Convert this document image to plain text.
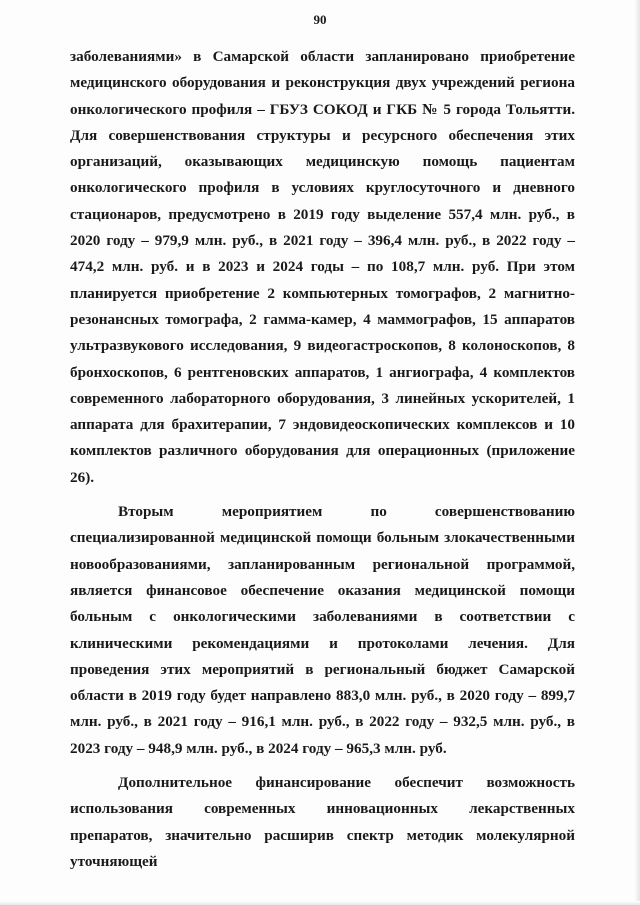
90

заболеваниями» в Самарской области запланировано приобретение медицинского оборудования и реконструкция двух учреждений региона онкологического профиля – ГБУЗ СОКОД и ГКБ № 5 города Тольятти. Для совершенствования структуры и ресурсного обеспечения этих организаций, оказывающих медицинскую помощь пациентам онкологического профиля в условиях круглосуточного и дневного стационаров, предусмотрено в 2019 году выделение 557,4 млн. руб., в 2020 году – 979,9 млн. руб., в 2021 году – 396,4 млн. руб., в 2022 году – 474,2 млн. руб. и в 2023 и 2024 годы – по 108,7 млн. руб. При этом планируется приобретение 2 компьютерных томографов, 2 магнитно-резонансных томографа, 2 гамма-камер, 4 маммографов, 15 аппаратов ультразвукового исследования, 9 видеогастроскопов, 8 колоноскопов, 8 бронхоскопов, 6 рентгеновских аппаратов, 1 ангиографа, 4 комплектов современного лабораторного оборудования, 3 линейных ускорителей, 1 аппарата для брахитерапии, 7 эндовидеоскопических комплексов и 10 комплектов различного оборудования для операционных (приложение 26).

Вторым мероприятием по совершенствованию специализированной медицинской помощи больным злокачественными новообразованиями, запланированным региональной программой, является финансовое обеспечение оказания медицинской помощи больным с онкологическими заболеваниями в соответствии с клиническими рекомендациями и протоколами лечения. Для проведения этих мероприятий в региональный бюджет Самарской области в 2019 году будет направлено 883,0 млн. руб., в 2020 году – 899,7 млн. руб., в 2021 году – 916,1 млн. руб., в 2022 году – 932,5 млн. руб., в 2023 году – 948,9 млн. руб., в 2024 году – 965,3 млн. руб.

Дополнительное финансирование обеспечит возможность использования современных инновационных лекарственных препаратов, значительно расширив спектр методик молекулярной уточняющей
